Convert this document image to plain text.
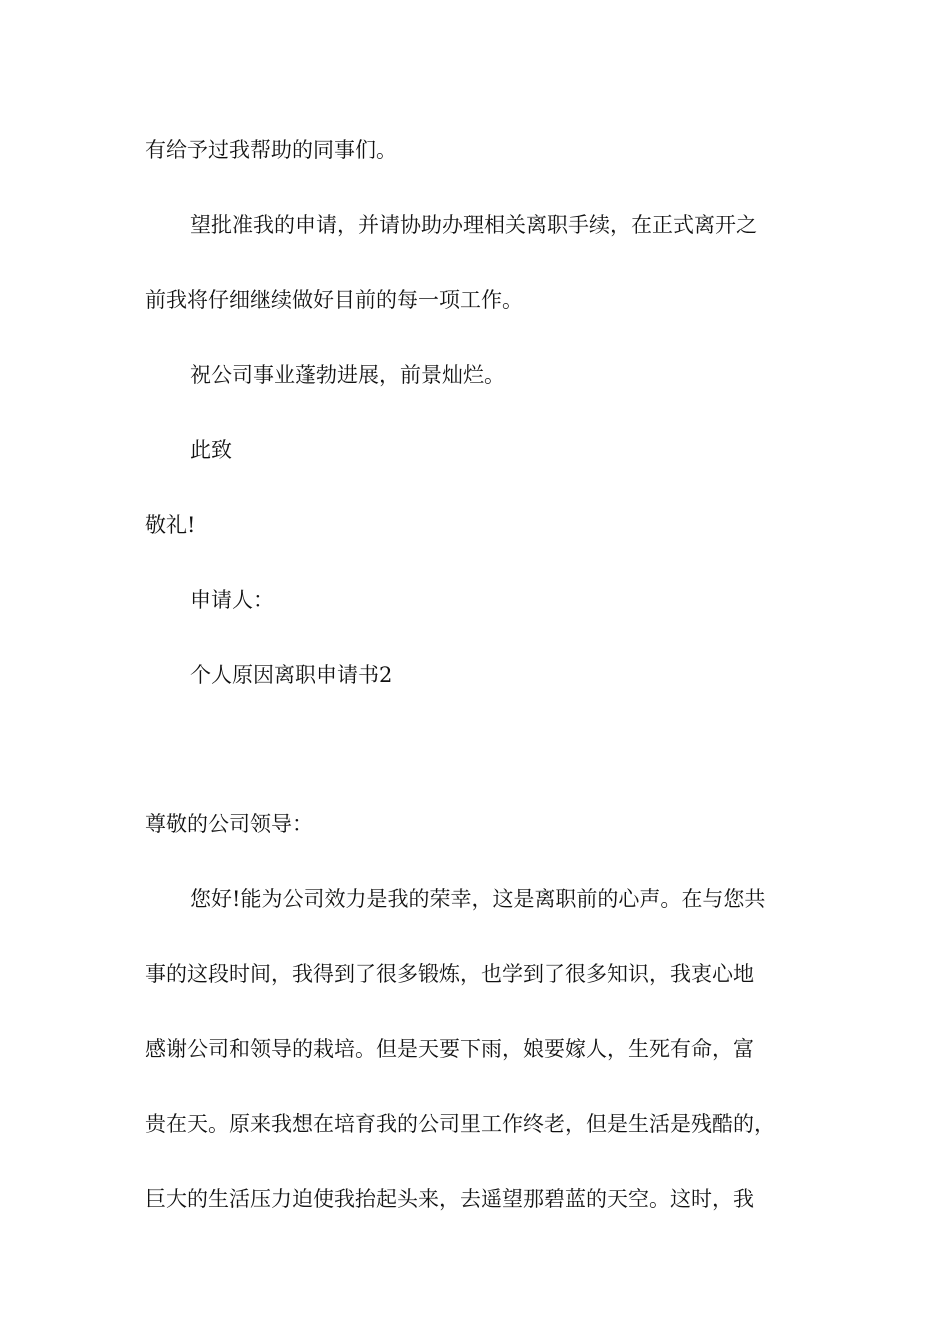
有给予过我帮助的同事们。

望批准我的申请，并请协助办理相关离职手续，在正式离开之

前我将仔细继续做好目前的每一项工作。

祝公司事业蓬勃进展，前景灿烂。

此致

敬礼!

申请人：

个人原因离职申请书2

尊敬的公司领导：

您好!能为公司效力是我的荣幸，这是离职前的心声。在与您共

事的这段时间，我得到了很多锻炼，也学到了很多知识，我衷心地

感谢公司和领导的栽培。但是天要下雨，娘要嫁人，生死有命，富

贵在天。原来我想在培育我的公司里工作终老，但是生活是残酷的，

巨大的生活压力迫使我抬起头来，去遥望那碧蓝的天空。这时，我
